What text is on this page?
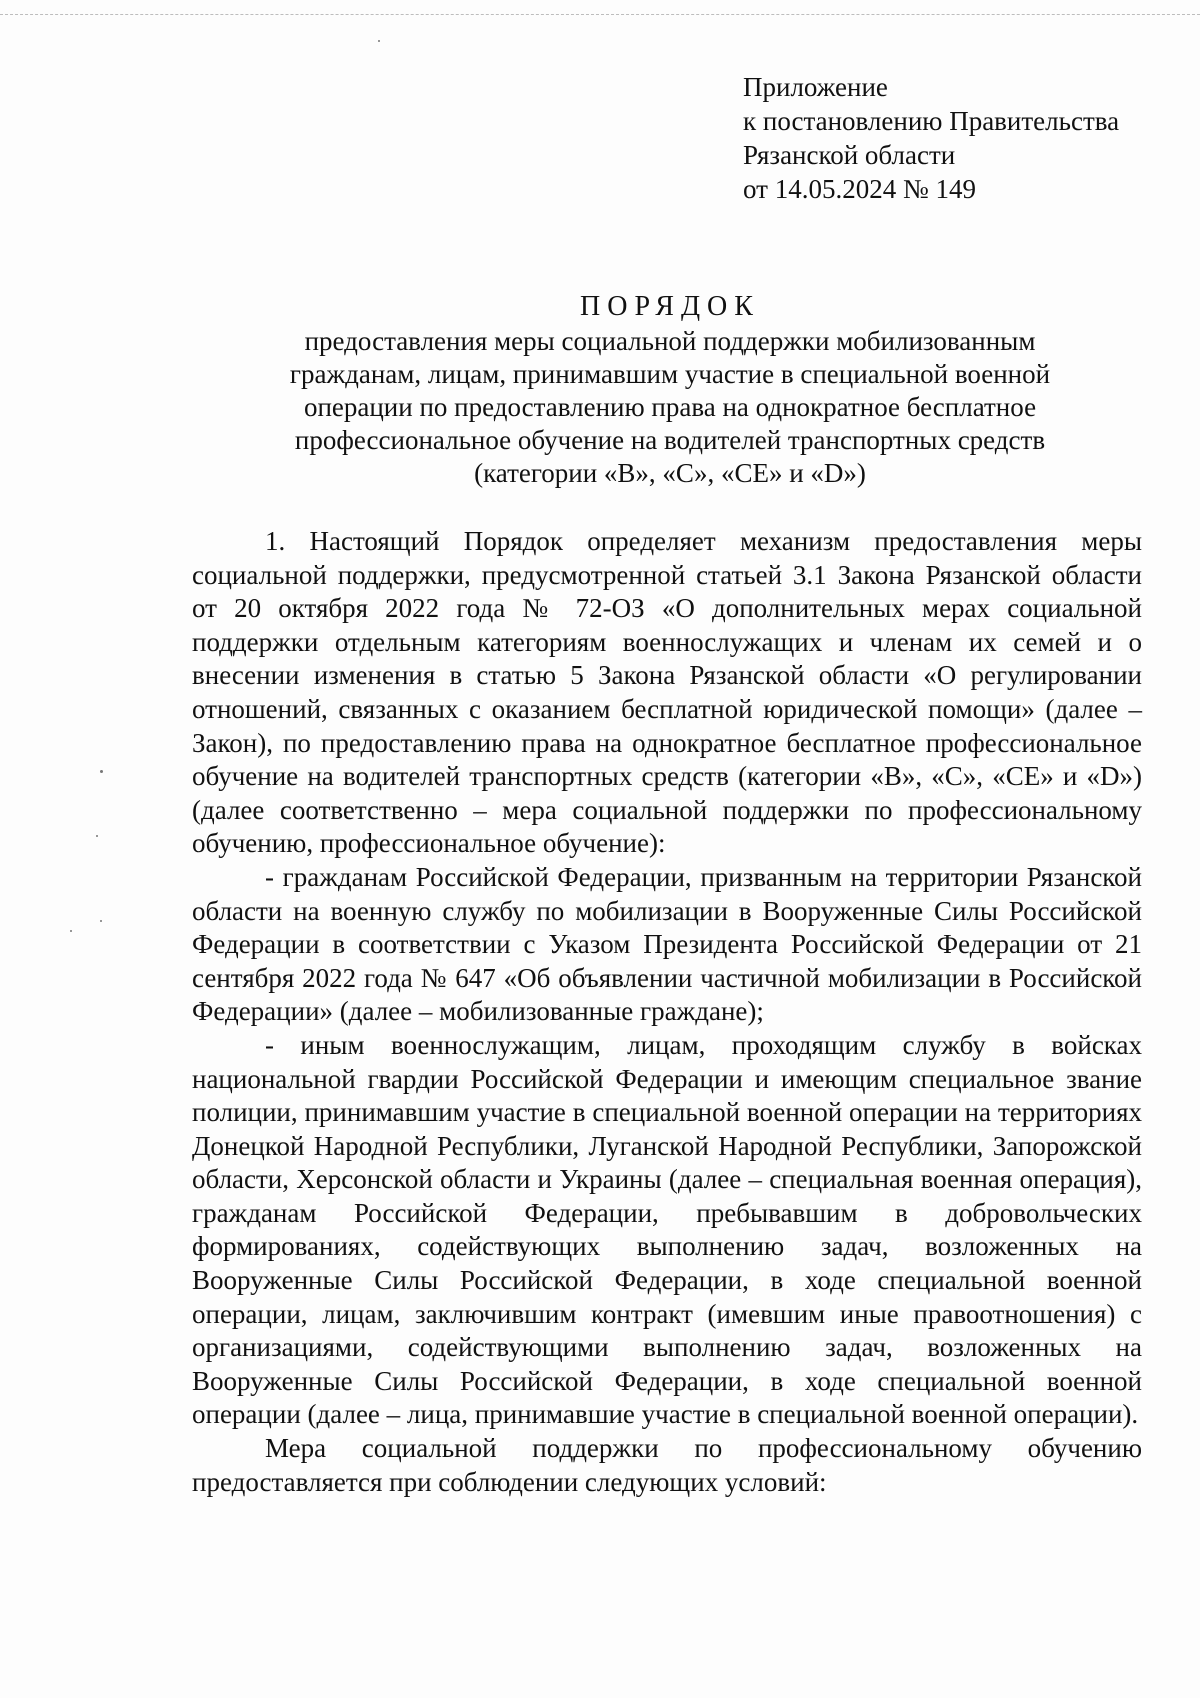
Приложение
к постановлению Правительства
Рязанской области
от 14.05.2024 № 149
ПОРЯДОК
предоставления меры социальной поддержки мобилизованным
гражданам, лицам, принимавшим участие в специальной военной
операции по предоставлению права на однократное бесплатное
профессиональное обучение на водителей транспортных средств
(категории «B», «C», «CE» и «D»)

1. Настоящий Порядок определяет механизм предоставления меры социальной поддержки, предусмотренной статьей 3.1 Закона Рязанской области от 20 октября 2022 года № 72-ОЗ «О дополнительных мерах социальной поддержки отдельным категориям военнослужащих и членам их семей и о внесении изменения в статью 5 Закона Рязанской области «О регулировании отношений, связанных с оказанием бесплатной юридической помощи» (далее – Закон), по предоставлению права на однократное бесплатное профессиональное обучение на водителей транспортных средств (категории «B», «C», «CE» и «D») (далее соответственно – мера социальной поддержки по профессиональному обучению, профессиональное обучение):

- гражданам Российской Федерации, призванным на территории Рязанской области на военную службу по мобилизации в Вооруженные Силы Российской Федерации в соответствии с Указом Президента Российской Федерации от 21 сентября 2022 года № 647 «Об объявлении частичной мобилизации в Российской Федерации» (далее – мобилизованные граждане);

- иным военнослужащим, лицам, проходящим службу в войсках национальной гвардии Российской Федерации и имеющим специальное звание полиции, принимавшим участие в специальной военной операции на территориях Донецкой Народной Республики, Луганской Народной Республики, Запорожской области, Херсонской области и Украины (далее – специальная военная операция), гражданам Российской Федерации, пребывавшим в добровольческих формированиях, содействующих выполнению задач, возложенных на Вооруженные Силы Российской Федерации, в ходе специальной военной операции, лицам, заключившим контракт (имевшим иные правоотношения) с организациями, содействующими выполнению задач, возложенных на Вооруженные Силы Российской Федерации, в ходе специальной военной операции (далее – лица, принимавшие участие в специальной военной операции).

Мера социальной поддержки по профессиональному обучению предоставляется при соблюдении следующих условий:
